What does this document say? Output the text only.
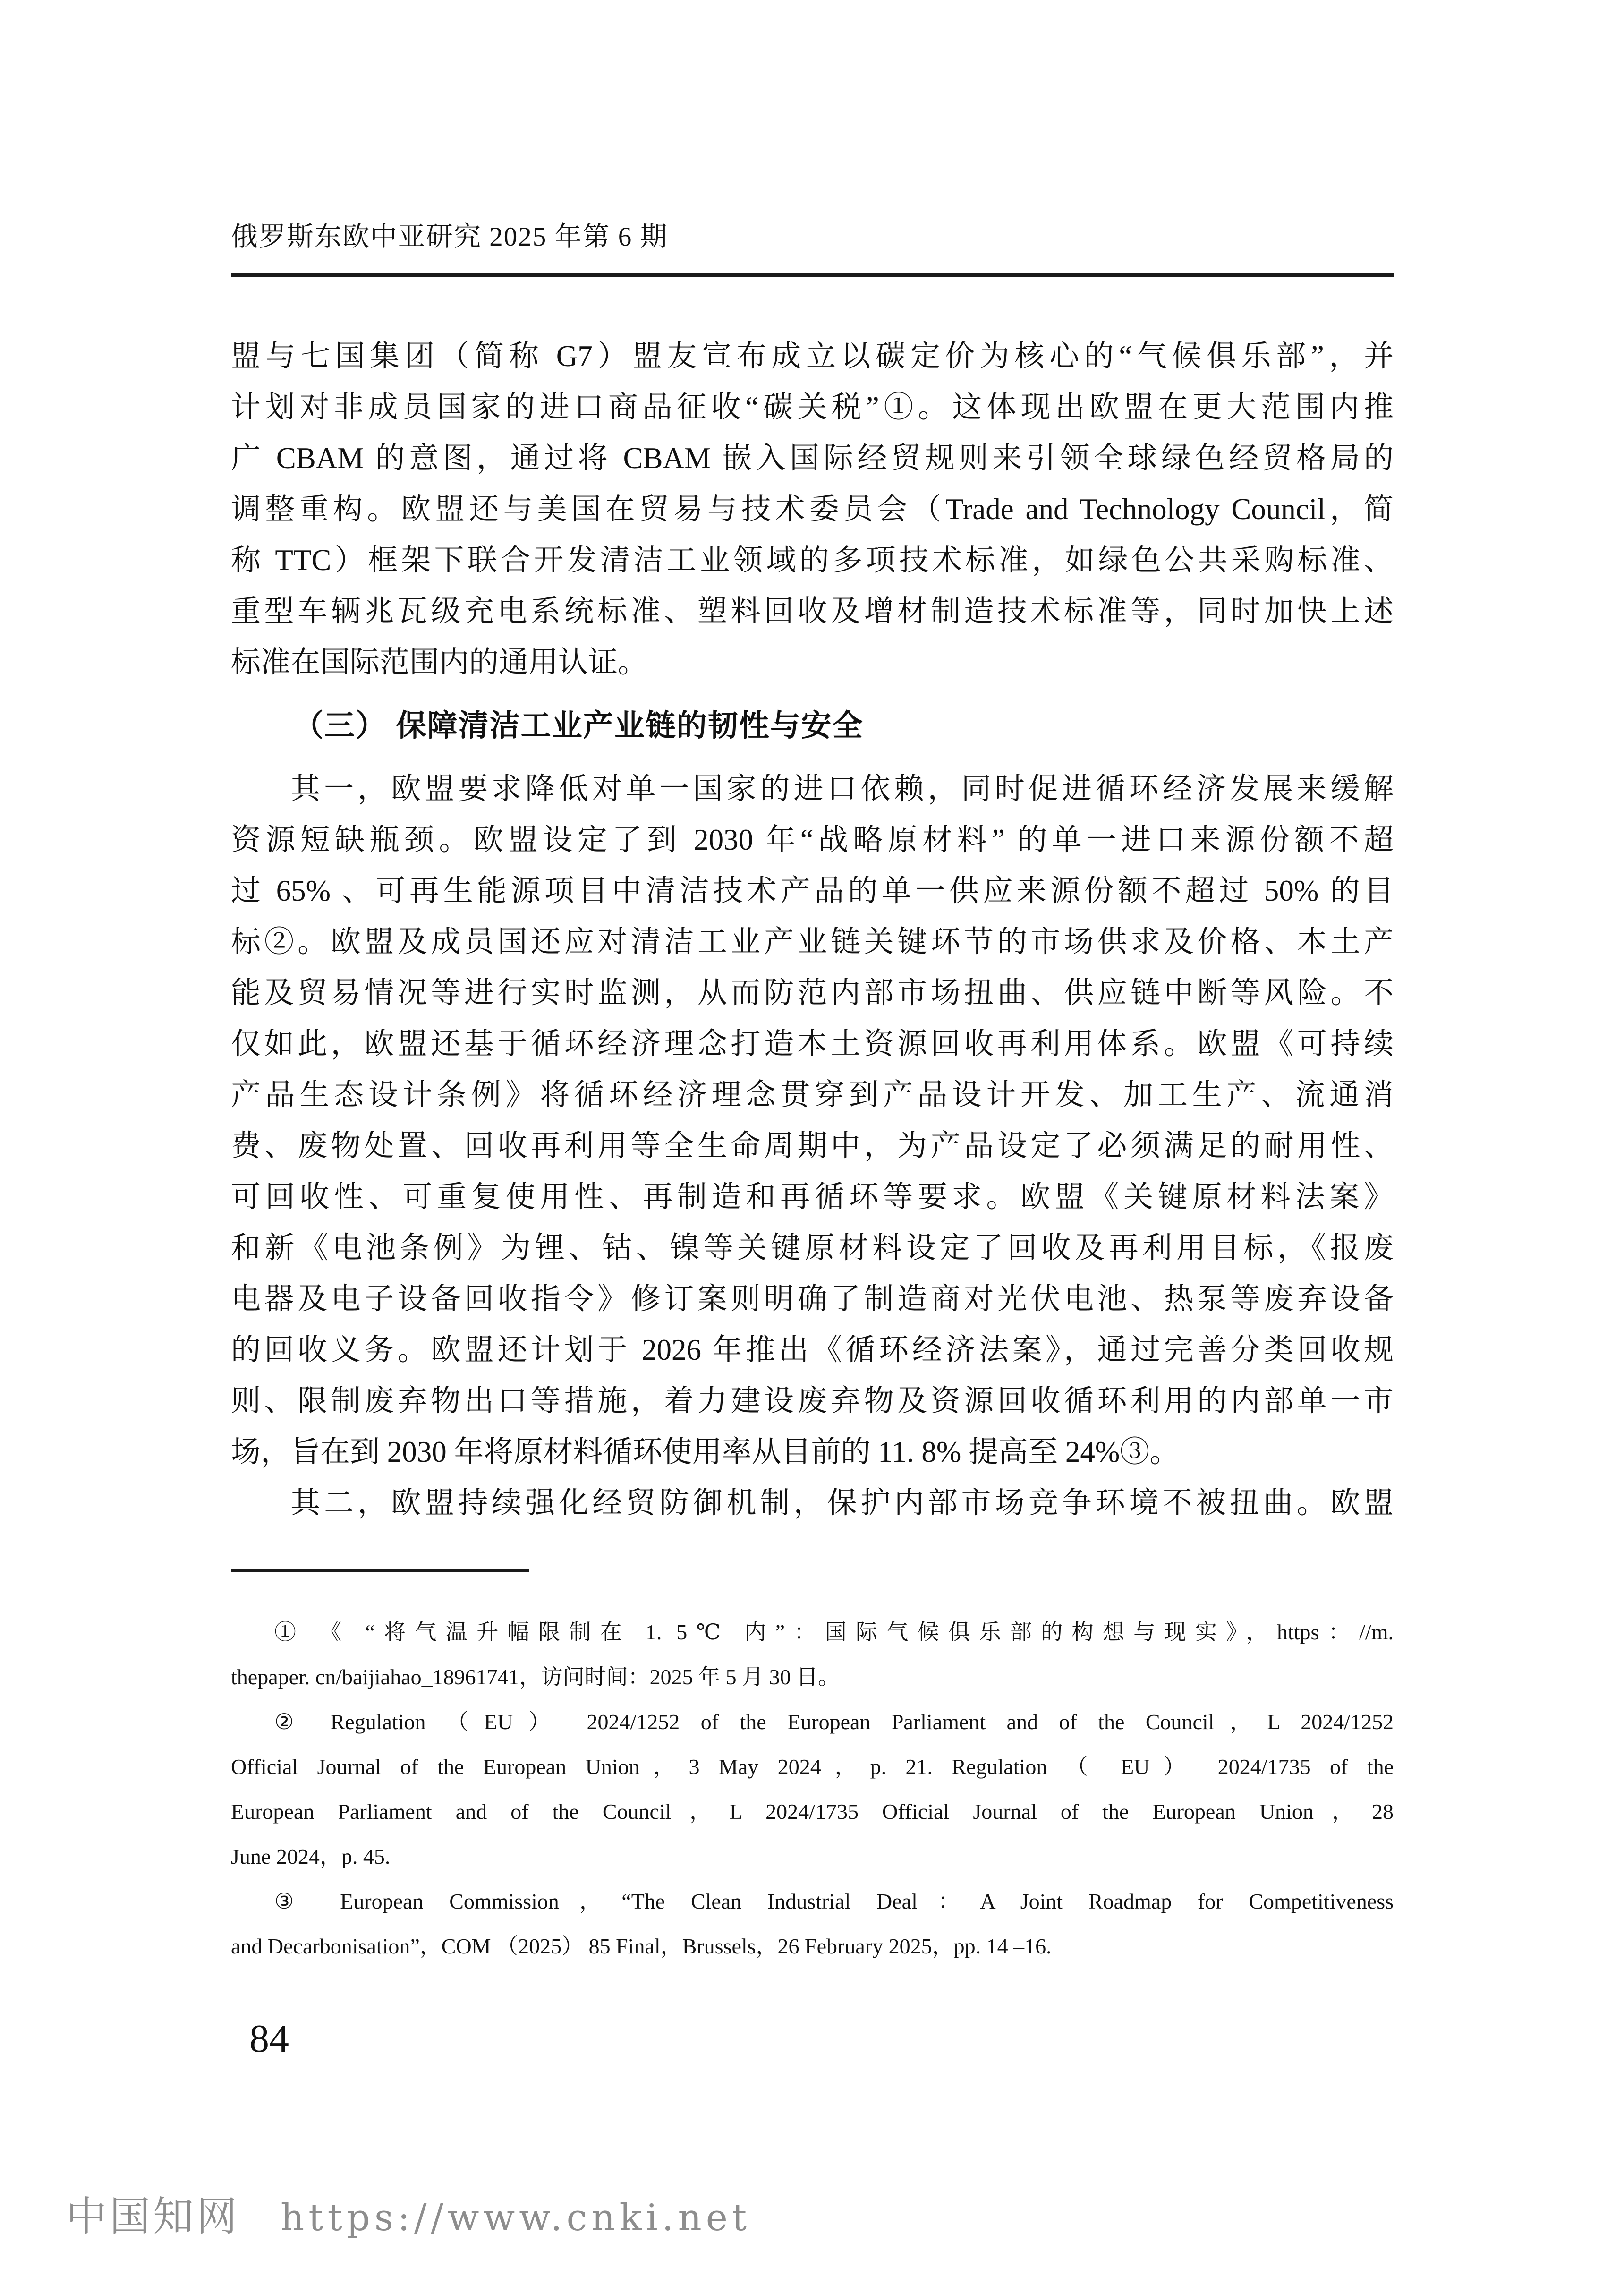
俄罗斯东欧中亚研究 2025 年第 6 期
盟与七国集团（简称 G7）盟友宣布成立以碳定价为核心的“气候俱乐部”，并
计划对非成员国家的进口商品征收“碳关税”①。这体现出欧盟在更大范围内推
广 CBAM 的意图，通过将 CBAM 嵌入国际经贸规则来引领全球绿色经贸格局的
调整重构。欧盟还与美国在贸易与技术委员会（Trade and Technology Council，简
称 TTC）框架下联合开发清洁工业领域的多项技术标准，如绿色公共采购标准、
重型车辆兆瓦级充电系统标准、塑料回收及增材制造技术标准等，同时加快上述
标准在国际范围内的通用认证。
（三） 保障清洁工业产业链的韧性与安全
其一，欧盟要求降低对单一国家的进口依赖，同时促进循环经济发展来缓解
资源短缺瓶颈。欧盟设定了到 2030 年“战略原材料” 的单一进口来源份额不超
过 65% 、可再生能源项目中清洁技术产品的单一供应来源份额不超过 50% 的目
标②。欧盟及成员国还应对清洁工业产业链关键环节的市场供求及价格、本土产
能及贸易情况等进行实时监测，从而防范内部市场扭曲、供应链中断等风险。不
仅如此，欧盟还基于循环经济理念打造本土资源回收再利用体系。欧盟《可持续
产品生态设计条例》将循环经济理念贯穿到产品设计开发、加工生产、流通消
费、废物处置、回收再利用等全生命周期中，为产品设定了必须满足的耐用性、
可回收性、可重复使用性、再制造和再循环等要求。欧盟《关键原材料法案》
和新《电池条例》为锂、钴、镍等关键原材料设定了回收及再利用目标，《报废
电器及电子设备回收指令》修订案则明确了制造商对光伏电池、热泵等废弃设备
的回收义务。欧盟还计划于 2026 年推出《循环经济法案》，通过完善分类回收规
则、限制废弃物出口等措施，着力建设废弃物及资源回收循环利用的内部单一市
场，旨在到 2030 年将原材料循环使用率从目前的 11. 8% 提高至 24%③。
其二，欧盟持续强化经贸防御机制，保护内部市场竞争环境不被扭曲。欧盟
① 《 “将气温升幅限制在 1. 5℃ 内”：国际气候俱乐部的构想与现实》，https：//m.
thepaper. cn/baijiahao_18961741，访问时间：2025 年 5 月 30 日。
② Regulation （EU） 2024/1252 of the European Parliament and of the Council，L 2024/1252
Official Journal of the European Union，3 May 2024，p. 21. Regulation （ EU） 2024/1735 of the
European Parliament and of the Council，L 2024/1735 Official Journal of the European Union，28
June 2024，p. 45.
③ European Commission，“The Clean Industrial Deal：A Joint Roadmap for Competitiveness
and Decarbonisation”，COM （2025） 85 Final，Brussels，26 February 2025，pp. 14 –16.
84
中国知网 https://www.cnki.net
